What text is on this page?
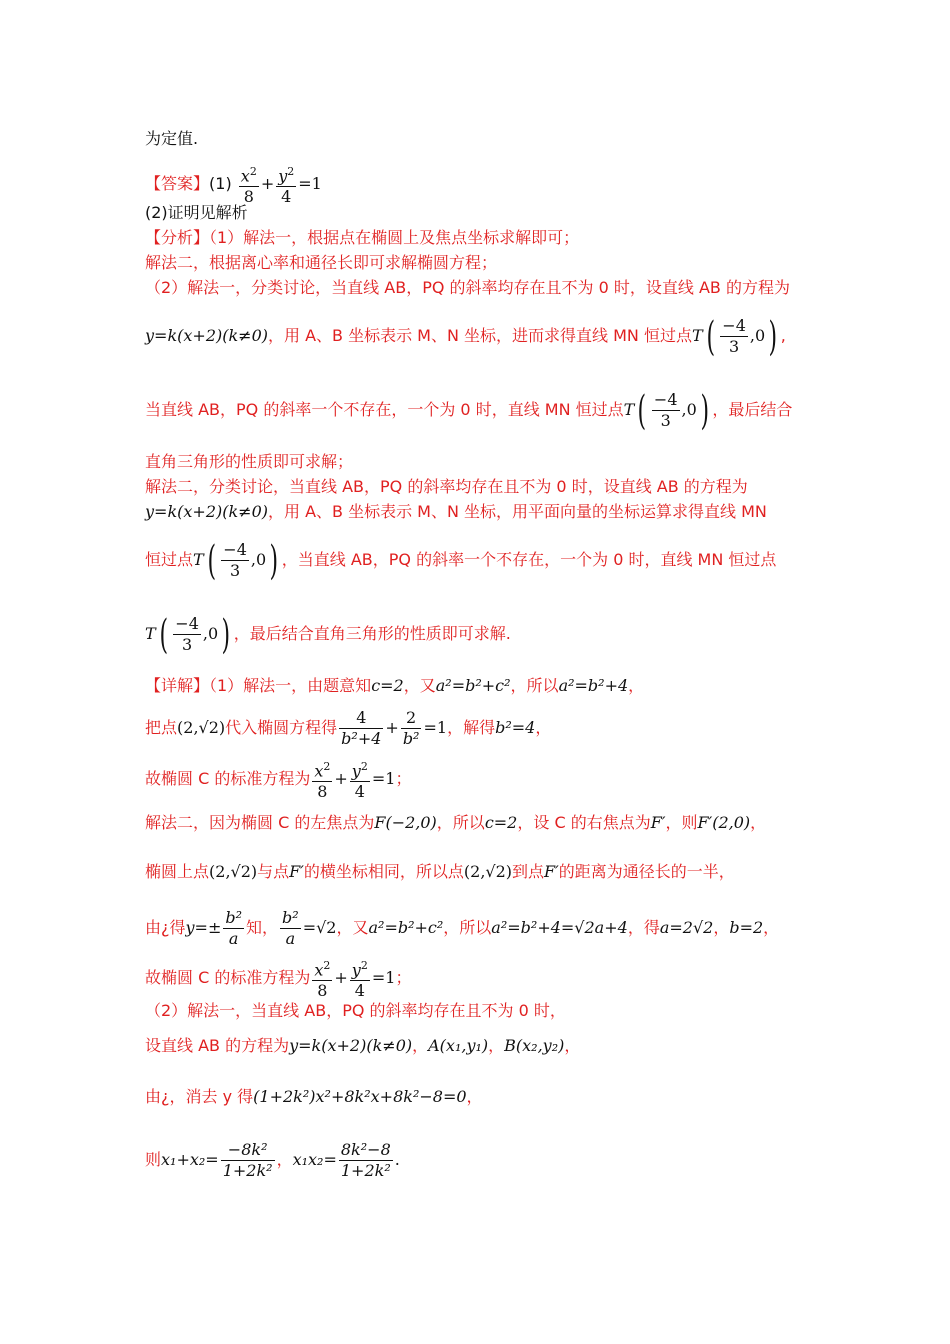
为定值.
【答案】$(1) \frac{x^2}{8} + \frac{y^2}{4} =1$
(2)证明见解析
【分析】（1）解法一，根据点在椭圆上及焦点坐标求解即可；
解法二，根据离心率和通径长即可求解椭圆方程；
（2）解法一，分类讨论，当直线 AB，PQ 的斜率均存在且不为 0 时，设直线 AB 的方程为
y=k(x+2)(k≠0)，用 A、B 坐标表示 M、N 坐标，进而求得直线 MN 恒过点$T( \frac{-4}{3} ,0)$ ,
当直线 AB，PQ 的斜率一个不存在，一个为 0 时，直线 MN 恒过点$T( \frac{-4}{3} ,0)$ ，最后结合
直角三角形的性质即可求解；
解法二，分类讨论，当直线 AB，PQ 的斜率均存在且不为 0 时，设直线 AB 的方程为
y=k(x+2)(k≠0)，用 A、B 坐标表示 M、N 坐标，用平面向量的坐标运算求得直线 MN
恒过点$T( \frac{-4}{3} ,0)$ ，当直线 AB，PQ 的斜率一个不存在，一个为 0 时，直线 MN 恒过点
$T( \frac{-4}{3} ,0)$ ，最后结合直角三角形的性质即可求解.
【详解】（1）解法一，由题意知c=2，又a²=b²+c²，所以a²=b²+4，
把点(2,√2)代入椭圆方程得 $\frac{4}{\text{b²+4}} + \frac{2}{\text{b²}} =1$，解得b²=4，
故椭圆 C 的标准方程为 $\frac{x^2}{8} + \frac{y^2}{4} =1$；
解法二，因为椭圆 C 的左焦点为F(−2,0)，所以c=2，设 C 的右焦点为F′，则F′(2,0)，
椭圆上点(2,√2)与点F′的横坐标相同，所以点(2,√2)到点F′的距离为通径长的一半，
由¿得$y=\pm \frac{\text{b²}}{a}$ 知， $\frac{\text{b²}}{a} =√2$，又a²=b²+c²，所以a²=b²+4=√2a+4，得a=2√2，b=2，
故椭圆 C 的标准方程为 $\frac{x^2}{8} + \frac{y^2}{4} =1$；
（2）解法一，当直线 AB，PQ 的斜率均存在且不为 0 时，
设直线 AB 的方程为y=k(x+2)(k≠0)，A(x₁,y₁)，B(x₂,y₂)，
由¿，消去 y 得(1+2k²)x²+8k²x+8k²−8=0，
则$x_1+x_2= \frac{\text{−8k²}}{\text{1+2k²}}$ ，$x_1x_2= \frac{\text{8k²−8}}{\text{1+2k²}}$ .
